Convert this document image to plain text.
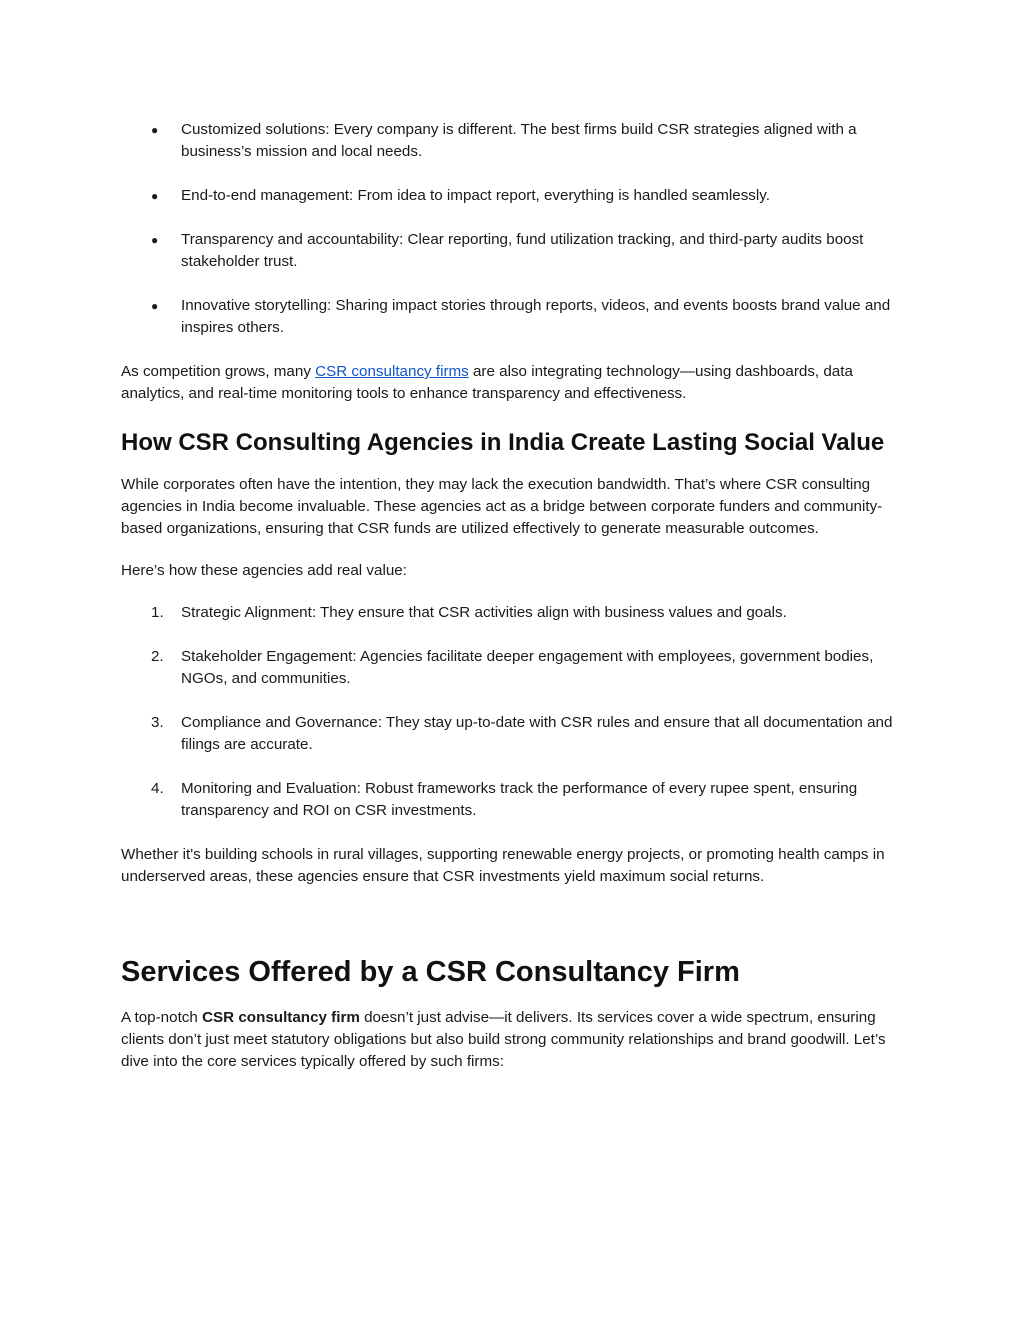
● Customized solutions: Every company is different. The best firms build CSR strategies aligned with a business’s mission and local needs.
● End-to-end management: From idea to impact report, everything is handled seamlessly.
● Transparency and accountability: Clear reporting, fund utilization tracking, and third-party audits boost stakeholder trust.
● Innovative storytelling: Sharing impact stories through reports, videos, and events boosts brand value and inspires others.

As competition grows, many CSR consultancy firms are also integrating technology—using dashboards, data analytics, and real-time monitoring tools to enhance transparency and effectiveness.

How CSR Consulting Agencies in India Create Lasting Social Value

While corporates often have the intention, they may lack the execution bandwidth. That’s where CSR consulting agencies in India become invaluable. These agencies act as a bridge between corporate funders and community-based organizations, ensuring that CSR funds are utilized effectively to generate measurable outcomes.

Here’s how these agencies add real value:

1. Strategic Alignment: They ensure that CSR activities align with business values and goals.
2. Stakeholder Engagement: Agencies facilitate deeper engagement with employees, government bodies, NGOs, and communities.
3. Compliance and Governance: They stay up-to-date with CSR rules and ensure that all documentation and filings are accurate.
4. Monitoring and Evaluation: Robust frameworks track the performance of every rupee spent, ensuring transparency and ROI on CSR investments.

Whether it's building schools in rural villages, supporting renewable energy projects, or promoting health camps in underserved areas, these agencies ensure that CSR investments yield maximum social returns.

Services Offered by a CSR Consultancy Firm

A top-notch CSR consultancy firm doesn’t just advise—it delivers. Its services cover a wide spectrum, ensuring clients don’t just meet statutory obligations but also build strong community relationships and brand goodwill. Let’s dive into the core services typically offered by such firms:
